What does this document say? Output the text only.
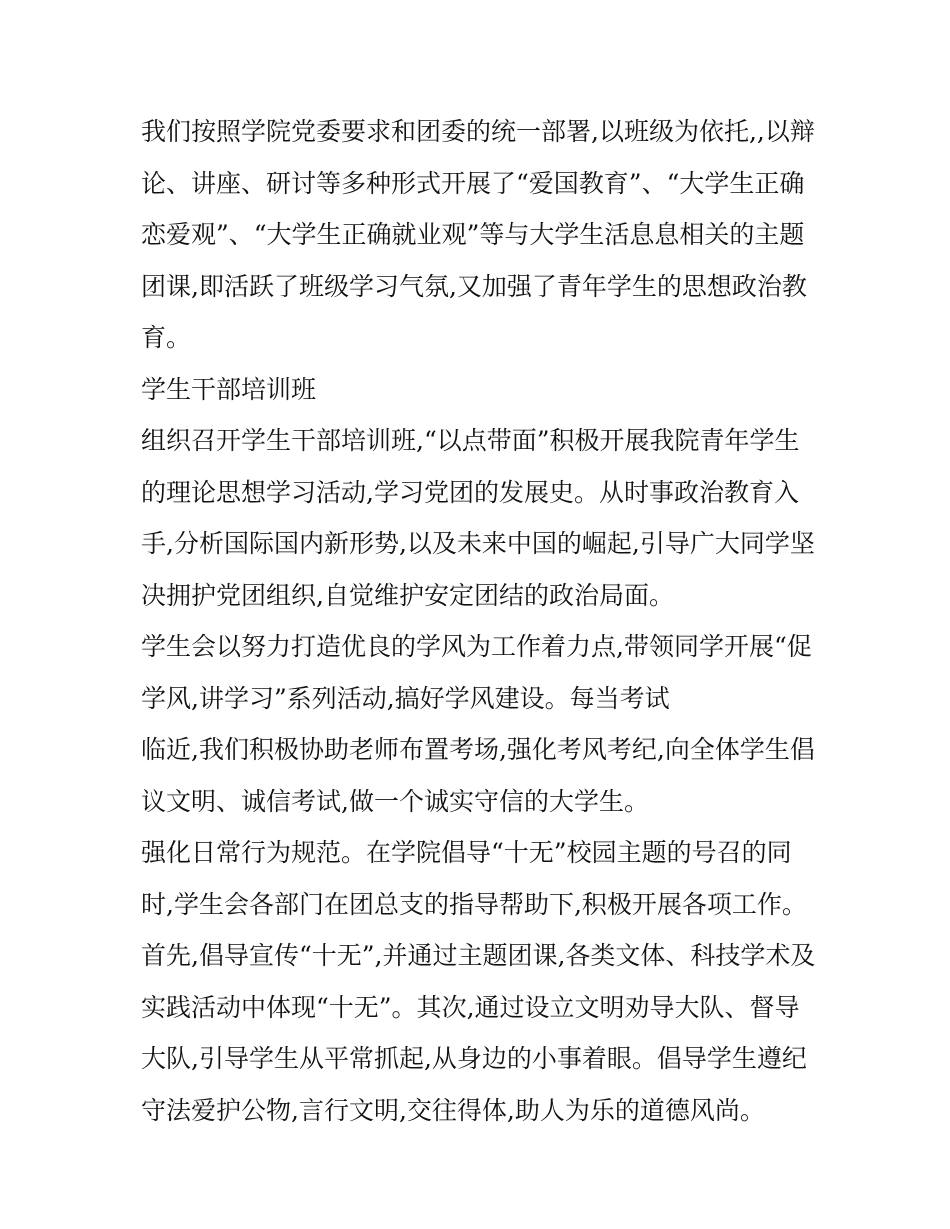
我们按照学院党委要求和团委的统一部署,以班级为依托,,以辩
论、讲座、研讨等多种形式开展了“爱国教育”、“大学生正确
恋爱观”、“大学生正确就业观”等与大学生活息息相关的主题
团课,即活跃了班级学习气氛,又加强了青年学生的思想政治教
育。
学生干部培训班
组织召开学生干部培训班,“以点带面”积极开展我院青年学生
的理论思想学习活动,学习党团的发展史。从时事政治教育入
手,分析国际国内新形势,以及未来中国的崛起,引导广大同学坚
决拥护党团组织,自觉维护安定团结的政治局面。
学生会以努力打造优良的学风为工作着力点,带领同学开展“促
学风,讲学习”系列活动,搞好学风建设。每当考试
临近,我们积极协助老师布置考场,强化考风考纪,向全体学生倡
议文明、诚信考试,做一个诚实守信的大学生。
强化日常行为规范。在学院倡导“十无”校园主题的号召的同
时,学生会各部门在团总支的指导帮助下,积极开展各项工作。
首先,倡导宣传“十无”,并通过主题团课,各类文体、科技学术及
实践活动中体现“十无”。其次,通过设立文明劝导大队、督导
大队,引导学生从平常抓起,从身边的小事着眼。倡导学生遵纪
守法爱护公物,言行文明,交往得体,助人为乐的道德风尚。
